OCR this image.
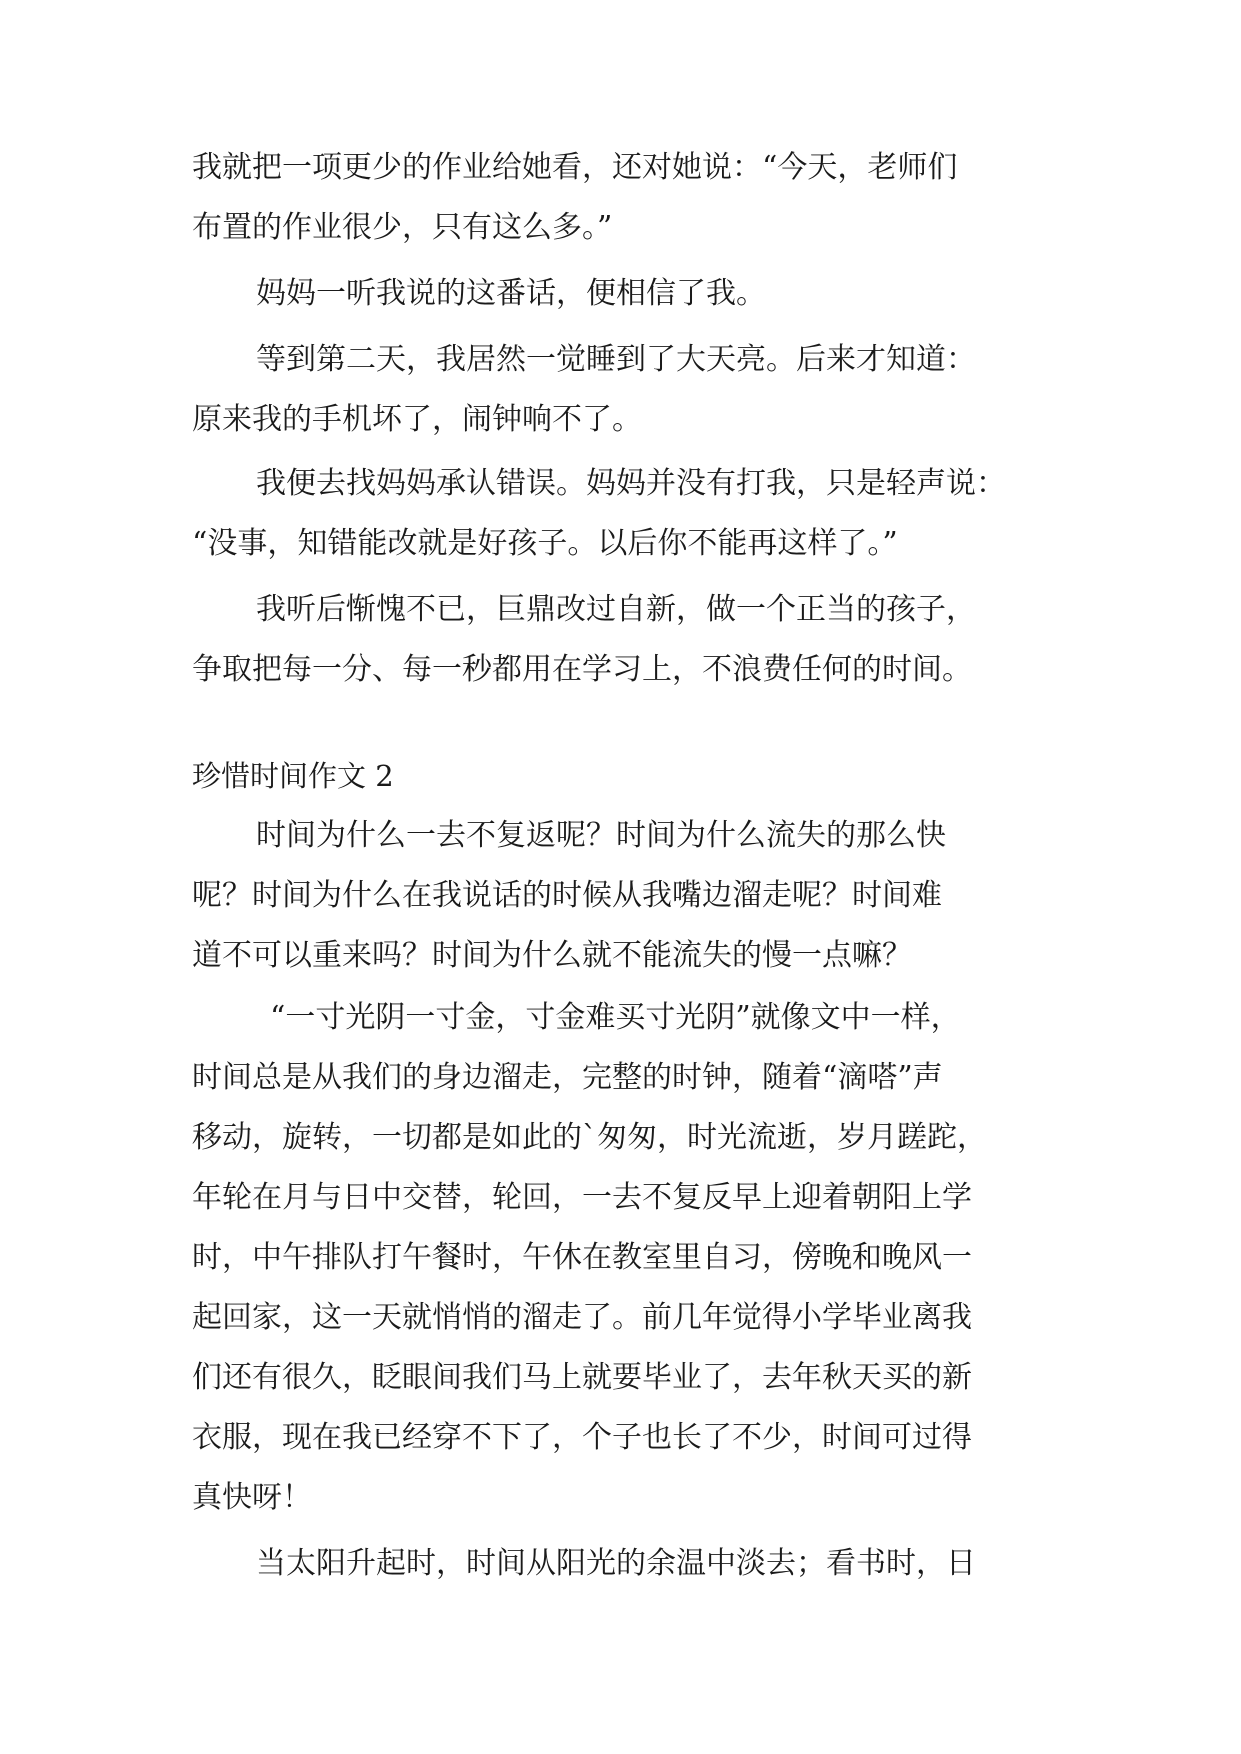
我就把一项更少的作业给她看，还对她说：“今天，老师们
布置的作业很少，只有这么多。”
妈妈一听我说的这番话，便相信了我。
等到第二天，我居然一觉睡到了大天亮。后来才知道：
原来我的手机坏了，闹钟响不了。
我便去找妈妈承认错误。妈妈并没有打我，只是轻声说：
“没事，知错能改就是好孩子。以后你不能再这样了。”
我听后惭愧不已，巨鼎改过自新，做一个正当的孩子，
争取把每一分、每一秒都用在学习上，不浪费任何的时间。
珍惜时间作文 2
时间为什么一去不复返呢？时间为什么流失的那么快
呢？时间为什么在我说话的时候从我嘴边溜走呢？时间难
道不可以重来吗？时间为什么就不能流失的慢一点嘛？
“一寸光阴一寸金，寸金难买寸光阴”就像文中一样，
时间总是从我们的身边溜走，完整的时钟，随着“滴嗒”声
移动，旋转，一切都是如此的`匆匆，时光流逝，岁月蹉跎，
年轮在月与日中交替，轮回，一去不复反早上迎着朝阳上学
时，中午排队打午餐时，午休在教室里自习，傍晚和晚风一
起回家，这一天就悄悄的溜走了。前几年觉得小学毕业离我
们还有很久，眨眼间我们马上就要毕业了，去年秋天买的新
衣服，现在我已经穿不下了，个子也长了不少，时间可过得
真快呀！
当太阳升起时，时间从阳光的余温中淡去；看书时，日
